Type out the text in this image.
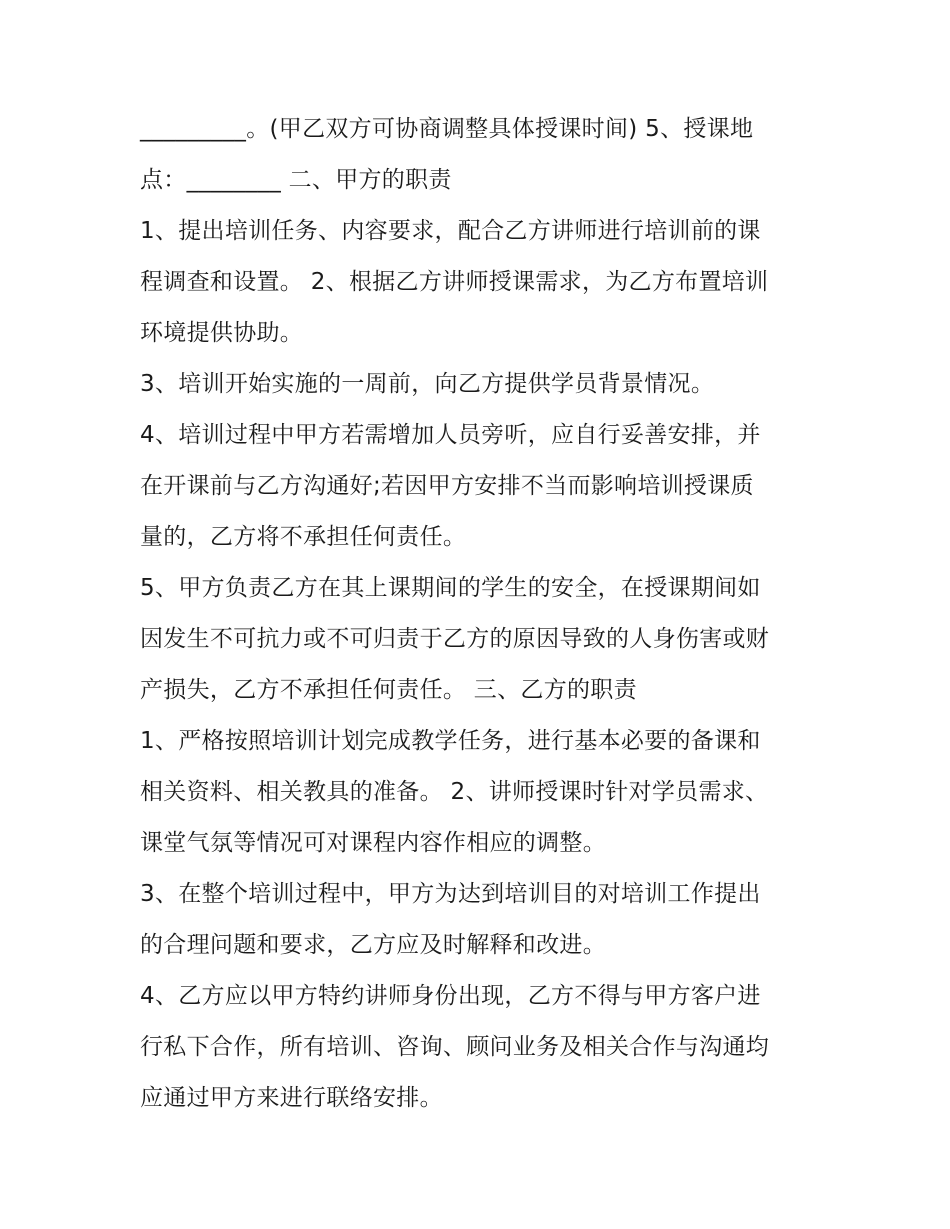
_________。(甲乙双方可协商调整具体授课时间) 5、授课地
点：________ 二、甲方的职责
1、提出培训任务、内容要求，配合乙方讲师进行培训前的课
程调查和设置。 2、根据乙方讲师授课需求，为乙方布置培训
环境提供协助。
3、培训开始实施的一周前，向乙方提供学员背景情况。
4、培训过程中甲方若需增加人员旁听，应自行妥善安排，并
在开课前与乙方沟通好;若因甲方安排不当而影响培训授课质
量的，乙方将不承担任何责任。
5、甲方负责乙方在其上课期间的学生的安全，在授课期间如
因发生不可抗力或不可归责于乙方的原因导致的人身伤害或财
产损失，乙方不承担任何责任。 三、乙方的职责
1、严格按照培训计划完成教学任务，进行基本必要的备课和
相关资料、相关教具的准备。 2、讲师授课时针对学员需求、
课堂气氛等情况可对课程内容作相应的调整。
3、在整个培训过程中，甲方为达到培训目的对培训工作提出
的合理问题和要求，乙方应及时解释和改进。
4、乙方应以甲方特约讲师身份出现，乙方不得与甲方客户进
行私下合作，所有培训、咨询、顾问业务及相关合作与沟通均
应通过甲方来进行联络安排。
